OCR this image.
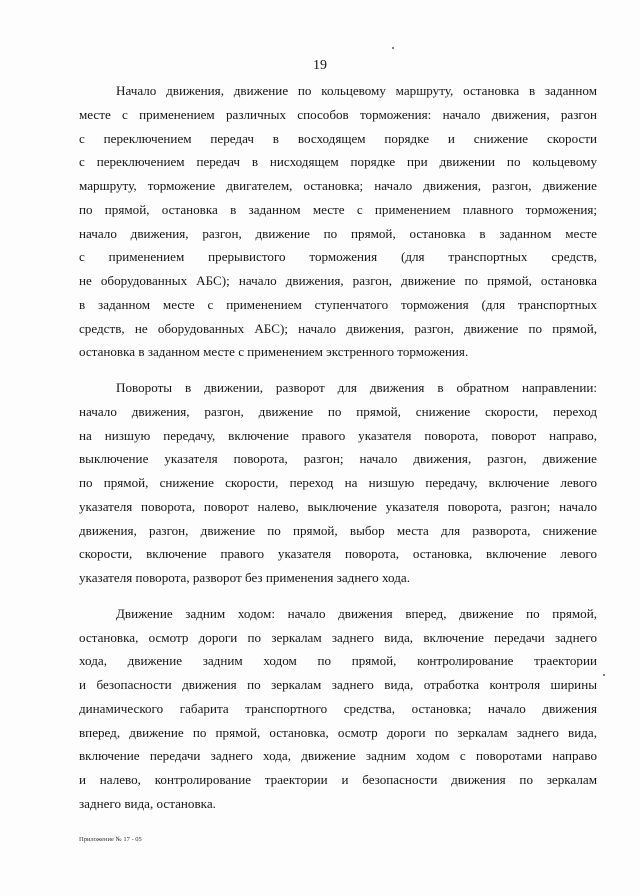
19

Начало движения, движение по кольцевому маршруту, остановка в заданном
месте с применением различных способов торможения: начало движения, разгон
с переключением передач в восходящем порядке и снижение скорости
с переключением передач в нисходящем порядке при движении по кольцевому
маршруту, торможение двигателем, остановка; начало движения, разгон, движение
по прямой, остановка в заданном месте с применением плавного торможения;
начало движения, разгон, движение по прямой, остановка в заданном месте
с применением прерывистого торможения (для транспортных средств,
не оборудованных АБС); начало движения, разгон, движение по прямой, остановка
в заданном месте с применением ступенчатого торможения (для транспортных
средств, не оборудованных АБС); начало движения, разгон, движение по прямой,
остановка в заданном месте с применением экстренного торможения.
Повороты в движении, разворот для движения в обратном направлении:
начало движения, разгон, движение по прямой, снижение скорости, переход
на низшую передачу, включение правого указателя поворота, поворот направо,
выключение указателя поворота, разгон; начало движения, разгон, движение
по прямой, снижение скорости, переход на низшую передачу, включение левого
указателя поворота, поворот налево, выключение указателя поворота, разгон; начало
движения, разгон, движение по прямой, выбор места для разворота, снижение
скорости, включение правого указателя поворота, остановка, включение левого
указателя поворота, разворот без применения заднего хода.
Движение задним ходом: начало движения вперед, движение по прямой,
остановка, осмотр дороги по зеркалам заднего вида, включение передачи заднего
хода, движение задним ходом по прямой, контролирование траектории
и безопасности движения по зеркалам заднего вида, отработка контроля ширины
динамического габарита транспортного средства, остановка; начало движения
вперед, движение по прямой, остановка, осмотр дороги по зеркалам заднего вида,
включение передачи заднего хода, движение задним ходом с поворотами направо
и налево, контролирование траектории и безопасности движения по зеркалам
заднего вида, остановка.

Приложение № 17 - 05
